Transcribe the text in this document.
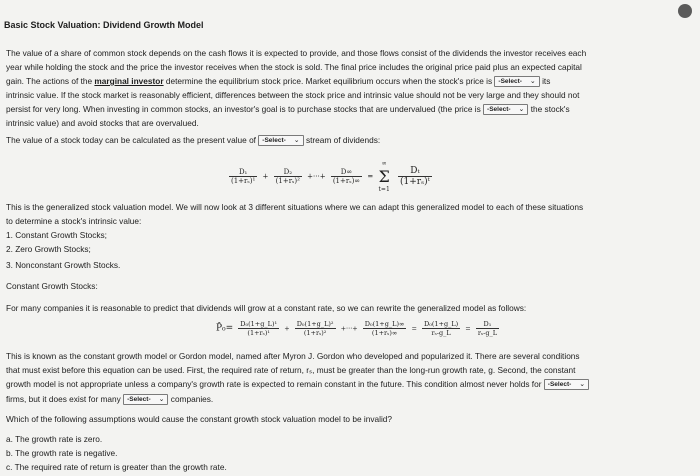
Basic Stock Valuation: Dividend Growth Model
The value of a share of common stock depends on the cash flows it is expected to provide, and those flows consist of the dividends the investor receives each
year while holding the stock and the price the investor receives when the stock is sold. The final price includes the original price paid plus an expected capital
gain. The actions of the marginal investor determine the equilibrium stock price. Market equilibrium occurs when the stock's price is -Select- ⌄ its
intrinsic value. If the stock market is reasonably efficient, differences between the stock price and intrinsic value should not be very large and they should not
persist for very long. When investing in common stocks, an investor's goal is to purchase stocks that are undervalued (the price is -Select- ⌄ the stock's
intrinsic value) and avoid stocks that are overvalued.
The value of a stock today can be calculated as the present value of -Select- ⌄ stream of dividends:
$\frac{\text{D₁}}{\text{(1+rₛ)¹}} + \frac{\text{D₂}}{\text{(1+rₛ)²}}$ +···+ $\frac{D\infty}{\text{(1+rₛ)∞}}$ =
∞
Σ
t=1

$\frac{\text{Dₜ}}{\text{(1+rₛ)ᵗ}}$
This is the generalized stock valuation model. We will now look at 3 different situations where we can adapt this generalized model to each of these situations
to determine a stock's intrinsic value:
1. Constant Growth Stocks;
2. Zero Growth Stocks;
3. Nonconstant Growth Stocks.
Constant Growth Stocks:
For many companies it is reasonable to predict that dividends will grow at a constant rate, so we can rewrite the generalized model as follows:
P̂₀= $\frac{\text{D₀(1+g\_L)¹}}{\text{(1+rₛ)¹}} + \frac{\text{D₀(1+g\_L)²}}{\text{(1+rₛ)²}}$ +···+ $\frac{\text{D₀(1+g\_L)∞}}{\text{(1+rₛ)∞}} = \frac{\text{D₀(1+g\_L)}}{\text{rₛ-g\_L}} = \frac{\text{D₁}}{\text{rₛ-g\_L}}$
This is known as the constant growth model or Gordon model, named after Myron J. Gordon who developed and popularized it. There are several conditions
that must exist before this equation can be used. First, the required rate of return, rₛ, must be greater than the long-run growth rate, g. Second, the constant
growth model is not appropriate unless a company's growth rate is expected to remain constant in the future. This condition almost never holds for -Select- ⌄
firms, but it does exist for many -Select- ⌄ companies.
Which of the following assumptions would cause the constant growth stock valuation model to be invalid?
a. The growth rate is zero.
b. The growth rate is negative.
c. The required rate of return is greater than the growth rate.
